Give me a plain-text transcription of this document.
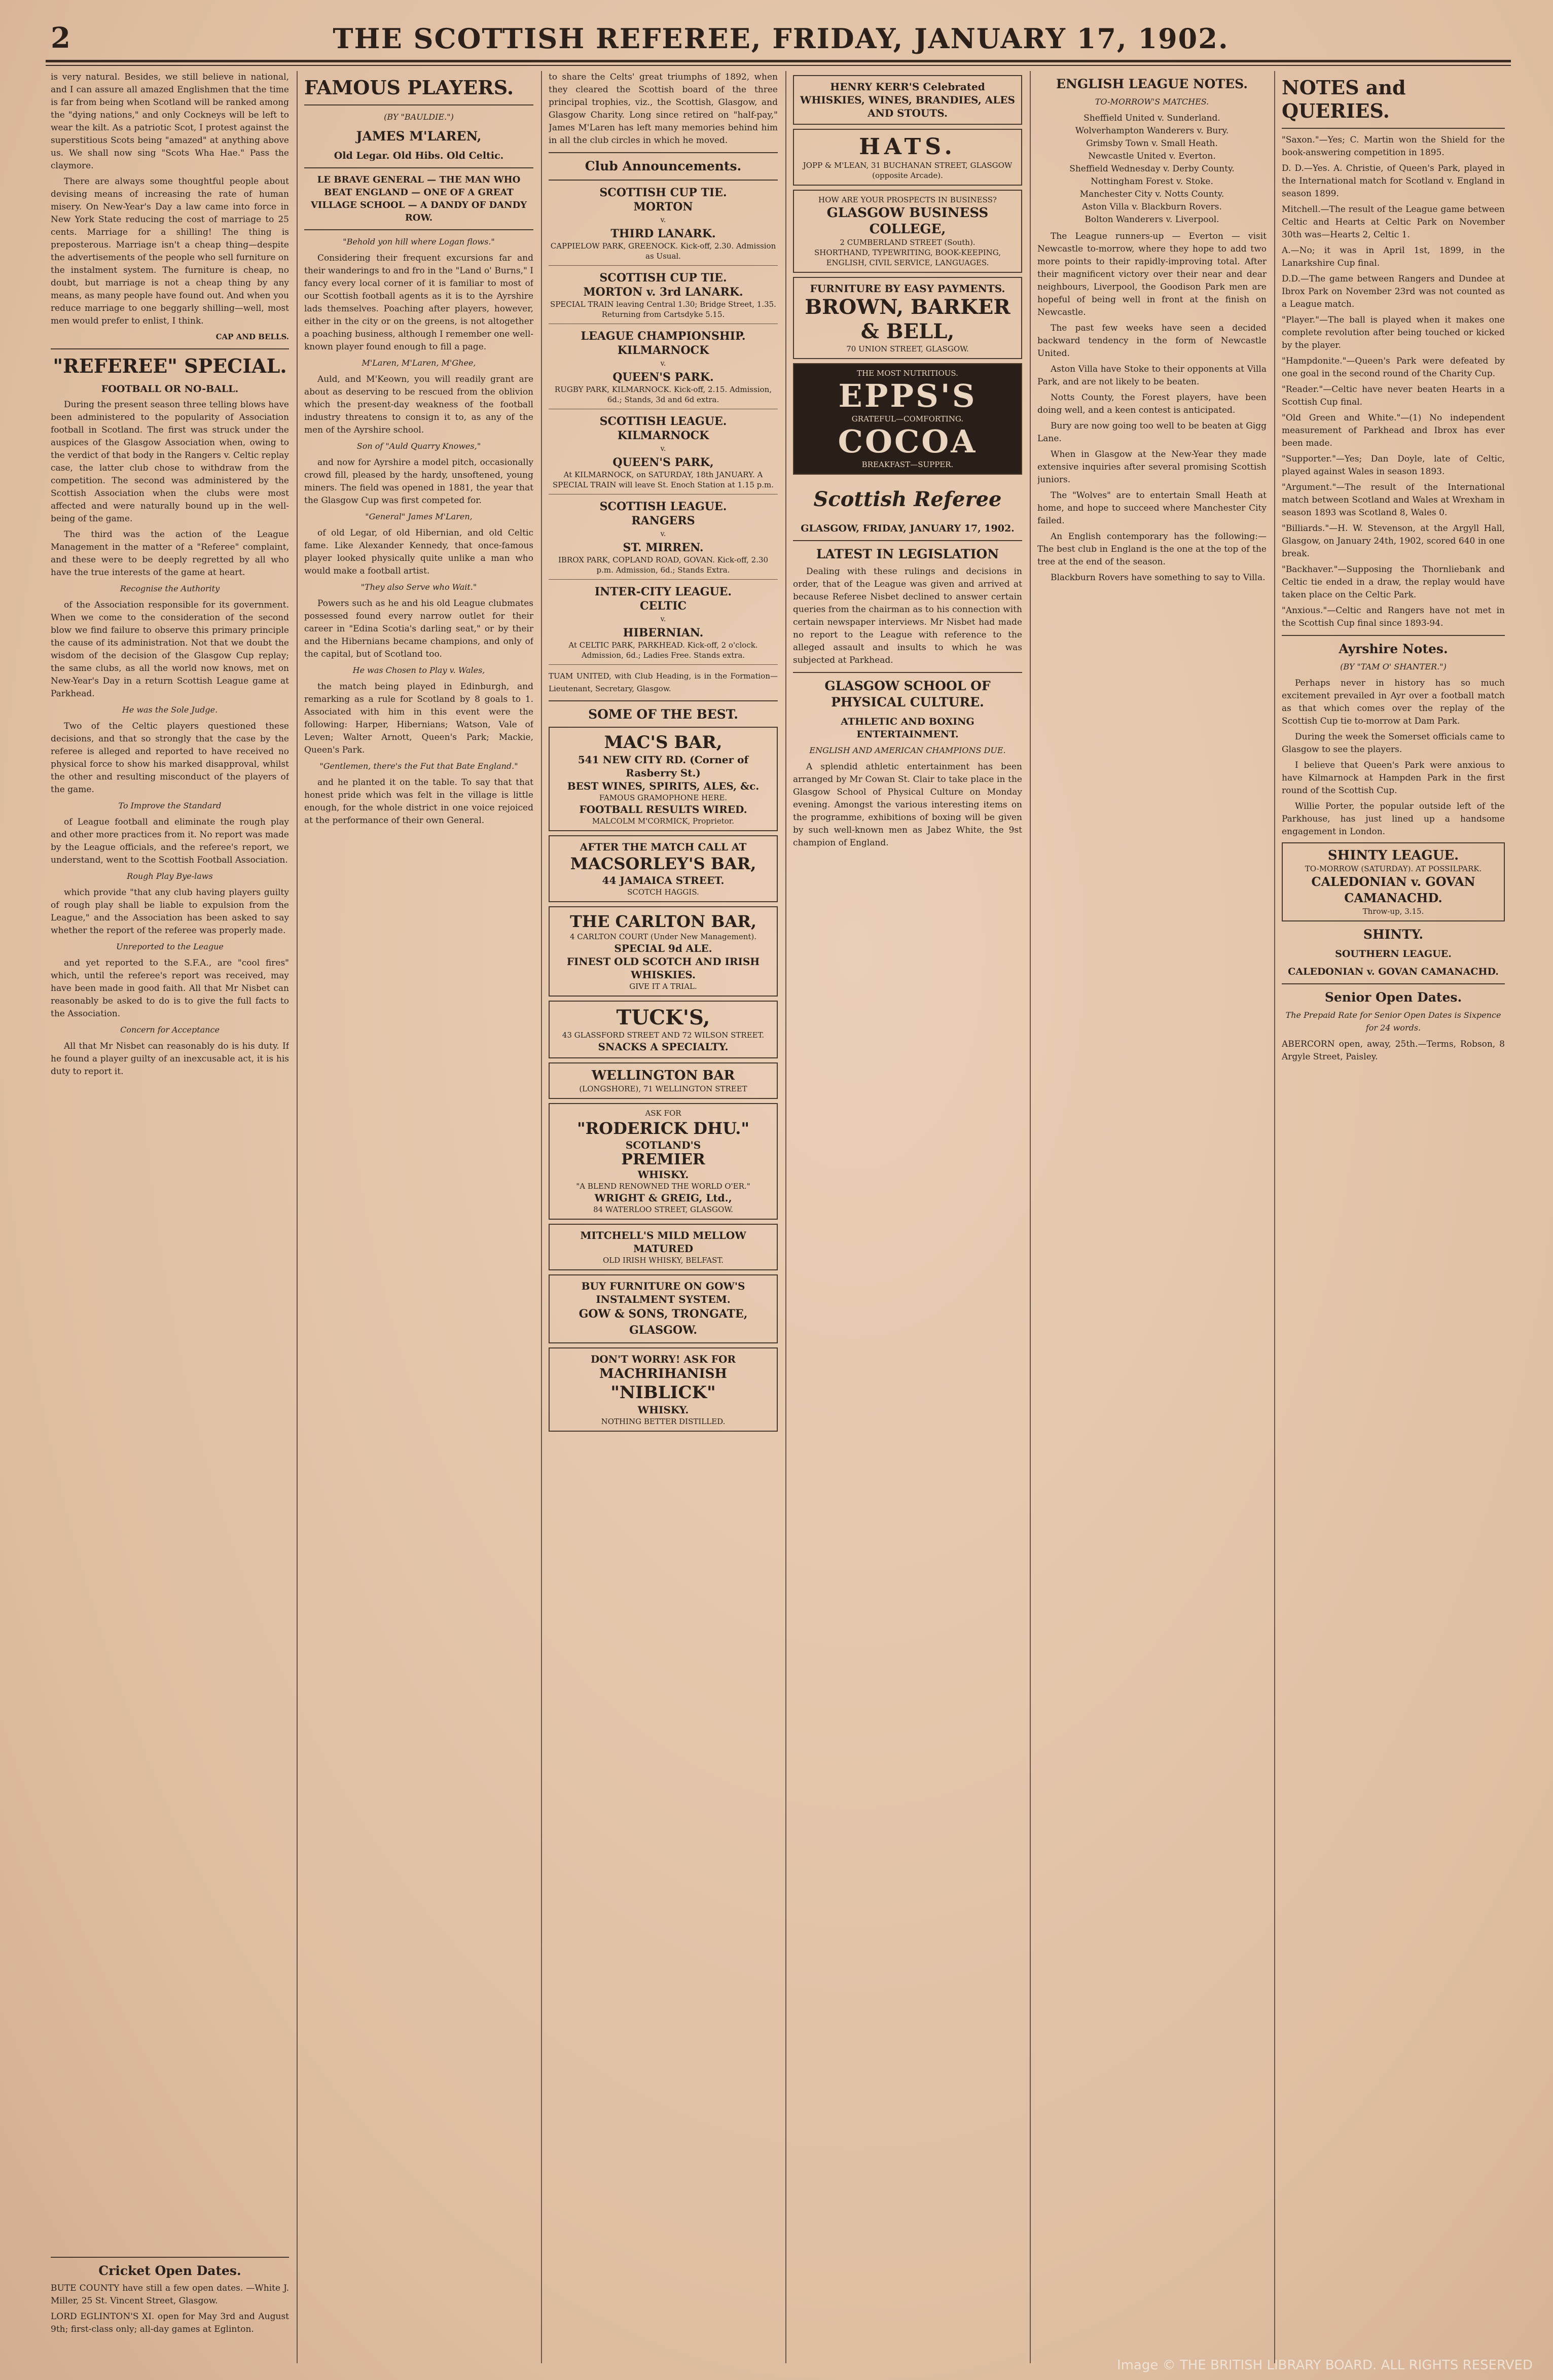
2	THE SCOTTISH REFEREE, FRIDAY, JANUARY 17, 1902.

is very natural. Besides, we still believe in national, and I can assure all amazed Englishmen that the time is far from being when Scotland will be ranked among the "dying nations," and only Cockneys will be left to wear the kilt. As a patriotic Scot, I protest against the superstitious Scots being "amazed" at anything above us. We shall now sing "Scots Wha Hae." Pass the claymore.

There are always some thoughtful people about devising means of increasing the rate of human misery. On New-Year's Day a law came into force in New York State reducing the cost of marriage to 25 cents. Marriage for a shilling! The thing is preposterous. Marriage isn't a cheap thing—despite the advertisements of the people who sell furniture on the instalment system. The furniture is cheap, no doubt, but marriage is not a cheap thing by any means, as many people have found out. And when you reduce marriage to one beggarly shilling—well, most men would prefer to enlist, I think.

CAP AND BELLS.
"REFEREE" SPECIAL.
FOOTBALL OR NO-BALL.

During the present season three telling blows have been administered to the popularity of Association football in Scotland. The first was struck under the auspices of the Glasgow Association when, owing to the verdict of that body in the Rangers v. Celtic replay case, the latter club chose to withdraw from the competition. The second was administered by the Scottish Association when the clubs were most affected and were naturally bound up in the well-being of the game.

The third was the action of the League Management in the matter of a "Referee" complaint, and these were to be deeply regretted by all who have the true interests of the game at heart.

Recognise the Authority

of the Association responsible for its government. When we come to the consideration of the second blow we find failure to observe this primary principle the cause of its administration. Not that we doubt the wisdom of the decision of the Glasgow Cup replay; the same clubs, as all the world now knows, met on New-Year's Day in a return Scottish League game at Parkhead.

He was the Sole Judge.

Two of the Celtic players questioned these decisions, and that so strongly that the case by the referee is alleged and reported to have received no physical force to show his marked disapproval, whilst the other and resulting misconduct of the players of the game.

To Improve the Standard

of League football and eliminate the rough play and other more practices from it. No report was made by the League officials, and the referee's report, we understand, went to the Scottish Football Association.

Rough Play Bye-laws

which provide "that any club having players guilty of rough play shall be liable to expulsion from the League," and the Association has been asked to say whether the report of the referee was properly made.

Unreported to the League

and yet reported to the S.F.A., are "cool fires" which, until the referee's report was received, may have been made in good faith. All that Mr Nisbet can reasonably be asked to do is to give the full facts to the Association.

Concern for Acceptance

All that Mr Nisbet can reasonably do is his duty. If he found a player guilty of an inexcusable act, it is his duty to report it.

Cricket Open Dates.

BUTE COUNTY have still a few open dates. —White J. Miller, 25 St. Vincent Street, Glasgow.

LORD EGLINTON'S XI. open for May 3rd and August 9th; first-class only; all-day games at Eglinton.

FAMOUS PLAYERS.
(BY "BAULDIE.")
JAMES M'LAREN,
Old Legar. Old Hibs. Old Celtic.
LE BRAVE GENERAL — THE MAN WHO BEAT ENGLAND — ONE OF A GREAT VILLAGE SCHOOL — A DANDY OF DANDY ROW.
"Behold yon hill where Logan flows."

Considering their frequent excursions far and their wanderings to and fro in the "Land o' Burns," I fancy every local corner of it is familiar to most of our Scottish football agents as it is to the Ayrshire lads themselves. Poaching after players, however, either in the city or on the greens, is not altogether a poaching business, although I remember one well-known player found enough to fill a page.

M'Laren, M'Laren, M'Ghee,

Auld, and M'Keown, you will readily grant are about as deserving to be rescued from the oblivion which the present-day weakness of the football industry threatens to consign it to, as any of the men of the Ayrshire school.

Son of "Auld Quarry Knowes,"

and now for Ayrshire a model pitch, occasionally crowd fill, pleased by the hardy, unsoftened, young miners. The field was opened in 1881, the year that the Glasgow Cup was first competed for.

"General" James M'Laren,

of old Legar, of old Hibernian, and old Celtic fame. Like Alexander Kennedy, that once-famous player looked physically quite unlike a man who would make a football artist.

"They also Serve who Wait."

Powers such as he and his old League clubmates possessed found every narrow outlet for their career in "Edina Scotia's darling seat," or by their and the Hibernians became champions, and only of the capital, but of Scotland too.

He was Chosen to Play v. Wales,

the match being played in Edinburgh, and remarking as a rule for Scotland by 8 goals to 1. Associated with him in this event were the following: Harper, Hibernians; Watson, Vale of Leven; Walter Arnott, Queen's Park; Mackie, Queen's Park.

"Gentlemen, there's the Fut that Bate England."

and he planted it on the table. To say that that honest pride which was felt in the village is little enough, for the whole district in one voice rejoiced at the performance of their own General.

to share the Celts' great triumphs of 1892, when they cleared the Scottish board of the three principal trophies, viz., the Scottish, Glasgow, and Glasgow Charity. Long since retired on "half-pay," James M'Laren has left many memories behind him in all the club circles in which he moved.

Club Announcements.
SCOTTISH CUP TIE.
MORTON
v.
THIRD LANARK.
CAPPIELOW PARK, GREENOCK. Kick-off, 2.30. Admission as Usual.
SCOTTISH CUP TIE.
MORTON v. 3rd LANARK.
SPECIAL TRAIN leaving Central 1.30; Bridge Street, 1.35. Returning from Cartsdyke 5.15.
LEAGUE CHAMPIONSHIP.
KILMARNOCK
v.
QUEEN'S PARK.
RUGBY PARK, KILMARNOCK. Kick-off, 2.15. Admission, 6d.; Stands, 3d and 6d extra.
SCOTTISH LEAGUE.
KILMARNOCK
v.
QUEEN'S PARK,
At KILMARNOCK, on SATURDAY, 18th JANUARY. A SPECIAL TRAIN will leave St. Enoch Station at 1.15 p.m.
SCOTTISH LEAGUE.
RANGERS
v.
ST. MIRREN.
IBROX PARK, COPLAND ROAD, GOVAN. Kick-off, 2.30 p.m. Admission, 6d.; Stands Extra.
INTER-CITY LEAGUE.
CELTIC
v.
HIBERNIAN.
At CELTIC PARK, PARKHEAD. Kick-off, 2 o'clock. Admission, 6d.; Ladies Free. Stands extra.

TUAM UNITED, with Club Heading, is in the Formation—Lieutenant, Secretary, Glasgow.

SOME OF THE BEST.
MAC'S BAR,
541 NEW CITY RD. (Corner of Rasberry St.)
BEST WINES, SPIRITS, ALES, &c.
FAMOUS GRAMOPHONE HERE.
FOOTBALL RESULTS WIRED.
MALCOLM M'CORMICK, Proprietor.
AFTER THE MATCH CALL AT
MACSORLEY'S BAR,
44 JAMAICA STREET.
SCOTCH HAGGIS.
THE CARLTON BAR,
4 CARLTON COURT (Under New Management).
SPECIAL 9d ALE.
FINEST OLD SCOTCH AND IRISH WHISKIES.
GIVE IT A TRIAL.
TUCK'S,
43 GLASSFORD STREET AND 72 WILSON STREET.
SNACKS A SPECIALTY.
WELLINGTON BAR
(LONGSHORE), 71 WELLINGTON STREET
ASK FOR
"RODERICK DHU."
SCOTLAND'S
PREMIER
WHISKY.
"A BLEND RENOWNED THE WORLD O'ER."
WRIGHT & GREIG, Ltd.,
84 WATERLOO STREET, GLASGOW.
MITCHELL'S MILD MELLOW MATURED
OLD IRISH WHISKY, BELFAST.
BUY FURNITURE ON GOW'S INSTALMENT SYSTEM.
GOW & SONS, TRONGATE, GLASGOW.
DON'T WORRY! ASK FOR
MACHRIHANISH
"NIBLICK"
WHISKY.
NOTHING BETTER DISTILLED.
HENRY KERR'S Celebrated WHISKIES, WINES, BRANDIES, ALES AND STOUTS.
HATS.
JOPP & M'LEAN, 31 BUCHANAN STREET, GLASGOW (opposite Arcade).
HOW ARE YOUR PROSPECTS IN BUSINESS?
GLASGOW BUSINESS COLLEGE,
2 CUMBERLAND STREET (South).
SHORTHAND, TYPEWRITING, BOOK-KEEPING, ENGLISH, CIVIL SERVICE, LANGUAGES.
FURNITURE BY EASY PAYMENTS.
BROWN, BARKER & BELL,
70 UNION STREET, GLASGOW.
THE MOST NUTRITIOUS.
EPPS'S
GRATEFUL—COMFORTING.
COCOA
BREAKFAST—SUPPER.
Scottish Referee
GLASGOW, FRIDAY, JANUARY 17, 1902.
LATEST IN LEGISLATION

Dealing with these rulings and decisions in order, that of the League was given and arrived at because Referee Nisbet declined to answer certain queries from the chairman as to his connection with certain newspaper interviews. Mr Nisbet had made no report to the League with reference to the alleged assault and insults to which he was subjected at Parkhead.

GLASGOW SCHOOL OF PHYSICAL CULTURE.
ATHLETIC AND BOXING ENTERTAINMENT.
ENGLISH AND AMERICAN CHAMPIONS DUE.

A splendid athletic entertainment has been arranged by Mr Cowan St. Clair to take place in the Glasgow School of Physical Culture on Monday evening. Amongst the various interesting items on the programme, exhibitions of boxing will be given by such well-known men as Jabez White, the 9st champion of England.

ENGLISH LEAGUE NOTES.
TO-MORROW'S MATCHES.

Sheffield United v. Sunderland.

Wolverhampton Wanderers v. Bury.

Grimsby Town v. Small Heath.

Newcastle United v. Everton.

Sheffield Wednesday v. Derby County.

Nottingham Forest v. Stoke.

Manchester City v. Notts County.

Aston Villa v. Blackburn Rovers.

Bolton Wanderers v. Liverpool.

The League runners-up — Everton — visit Newcastle to-morrow, where they hope to add two more points to their rapidly-improving total. After their magnificent victory over their near and dear neighbours, Liverpool, the Goodison Park men are hopeful of being well in front at the finish on Newcastle.

The past few weeks have seen a decided backward tendency in the form of Newcastle United.

Aston Villa have Stoke to their opponents at Villa Park, and are not likely to be beaten.

Notts County, the Forest players, have been doing well, and a keen contest is anticipated.

Bury are now going too well to be beaten at Gigg Lane.

When in Glasgow at the New-Year they made extensive inquiries after several promising Scottish juniors.

The "Wolves" are to entertain Small Heath at home, and hope to succeed where Manchester City failed.

An English contemporary has the following:—The best club in England is the one at the top of the tree at the end of the season.

Blackburn Rovers have something to say to Villa.

NOTES and QUERIES.

"Saxon."—Yes; C. Martin won the Shield for the book-answering competition in 1895.

D. D.—Yes. A. Christie, of Queen's Park, played in the International match for Scotland v. England in season 1899.

Mitchell.—The result of the League game between Celtic and Hearts at Celtic Park on November 30th was—Hearts 2, Celtic 1.

A.—No; it was in April 1st, 1899, in the Lanarkshire Cup final.

D.D.—The game between Rangers and Dundee at Ibrox Park on November 23rd was not counted as a League match.

"Player."—The ball is played when it makes one complete revolution after being touched or kicked by the player.

"Hampdonite."—Queen's Park were defeated by one goal in the second round of the Charity Cup.

"Reader."—Celtic have never beaten Hearts in a Scottish Cup final.

"Old Green and White."—(1) No independent measurement of Parkhead and Ibrox has ever been made.

"Supporter."—Yes; Dan Doyle, late of Celtic, played against Wales in season 1893.

"Argument."—The result of the International match between Scotland and Wales at Wrexham in season 1893 was Scotland 8, Wales 0.

"Billiards."—H. W. Stevenson, at the Argyll Hall, Glasgow, on January 24th, 1902, scored 640 in one break.

"Backhaver."—Supposing the Thornliebank and Celtic tie ended in a draw, the replay would have taken place on the Celtic Park.

"Anxious."—Celtic and Rangers have not met in the Scottish Cup final since 1893-94.

Ayrshire Notes.
(BY "TAM O' SHANTER.")

Perhaps never in history has so much excitement prevailed in Ayr over a football match as that which comes over the replay of the Scottish Cup tie to-morrow at Dam Park.

During the week the Somerset officials came to Glasgow to see the players.

I believe that Queen's Park were anxious to have Kilmarnock at Hampden Park in the first round of the Scottish Cup.

Willie Porter, the popular outside left of the Parkhouse, has just lined up a handsome engagement in London.

SHINTY LEAGUE.
TO-MORROW (SATURDAY). AT POSSILPARK.
CALEDONIAN v. GOVAN CAMANACHD.
Throw-up, 3.15.
SHINTY.
SOUTHERN LEAGUE.
CALEDONIAN v. GOVAN CAMANACHD.
Senior Open Dates.
The Prepaid Rate for Senior Open Dates is Sixpence for 24 words.

ABERCORN open, away, 25th.—Terms, Robson, 8 Argyle Street, Paisley.

Image © THE BRITISH LIBRARY BOARD. ALL RIGHTS RESERVED
